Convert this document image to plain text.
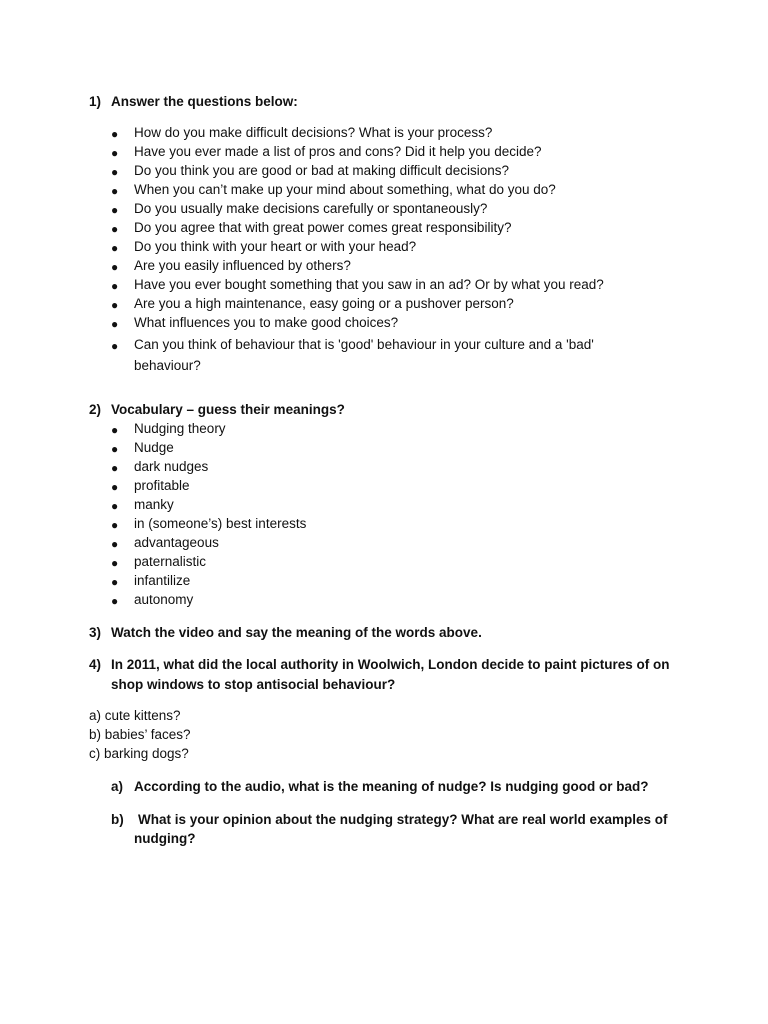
1) Answer the questions below:
● How do you make difficult decisions? What is your process?
● Have you ever made a list of pros and cons? Did it help you decide?
● Do you think you are good or bad at making difficult decisions?
● When you can’t make up your mind about something, what do you do?
● Do you usually make decisions carefully or spontaneously?
● Do you agree that with great power comes great responsibility?
● Do you think with your heart or with your head?
● Are you easily influenced by others?
● Have you ever bought something that you saw in an ad? Or by what you read?
● Are you a high maintenance, easy going or a pushover person?
● What influences you to make good choices?
● Can you think of behaviour that is 'good' behaviour in your culture and a 'bad'
behaviour?
2) Vocabulary – guess their meanings?
● Nudging theory
● Nudge
● dark nudges
● profitable
● manky
● in (someone’s) best interests
● advantageous
● paternalistic
● infantilize
● autonomy
3) Watch the video and say the meaning of the words above.
4) In 2011, what did the local authority in Woolwich, London decide to paint pictures of on
shop windows to stop antisocial behaviour?
a) cute kittens?
b) babies’ faces?
c) barking dogs?
a) According to the audio, what is the meaning of nudge? Is nudging good or bad?
b) What is your opinion about the nudging strategy? What are real world examples of
nudging?
